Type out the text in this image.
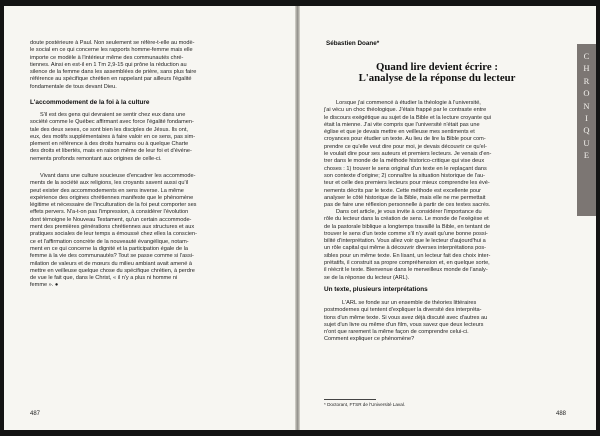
doute postérieure à Paul. Non seulement se réfère-t-elle au modè-
le social en ce qui concerne les rapports homme-femme mais elle
importe ce modèle à l'intérieur même des communautés chré-
tiennes. Ainsi en est-il en 1 Tm 2,9-15 qui prône la réduction au
silence de la femme dans les assemblées de prière, sans plus faire
référence au spécifique chrétien en rappelant par ailleurs l'égalité
fondamentale de tous devant Dieu.
L'accommodement de la foi à la culture
S'il est des gens qui devraient se sentir chez eux dans une
société comme le Québec affirmant avec force l'égalité fondamen-
tale des deux sexes, ce sont bien les disciples de Jésus. Ils ont,
eux, des motifs supplémentaires à faire valoir en ce sens, pas sim-
plement en référence à des droits humains ou à quelque Charte
des droits et libertés, mais en raison même de leur foi et d'événe-
nements profonds remontant aux origines de celle-ci.
Vivant dans une culture soucieuse d'encadrer les accommode-
ments de la société aux religions, les croyants savent aussi qu'il
peut exister des accommodements en sens inverse. La même
expérience des origines chrétiennes manifeste que le phénomène
légitime et nécessaire de l'inculturation de la foi peut comporter ses
effets pervers. N'a-t-on pas l'impression, à considérer l'évolution
dont témoigne le Nouveau Testament, qu'un certain accommode-
ment des premières générations chrétiennes aux structures et aux
pratiques sociales de leur temps a émoussé chez elles la conscien-
ce et l'affirmation concrète de la nouveauté évangélique, notam-
ment en ce qui concerne la dignité et la participation égale de la
femme à la vie des communautés? Tout se passe comme si l'assi-
milation de valeurs et de mœurs du milieu ambiant avait amené à
mettre en veilleuse quelque chose du spécifique chrétien, à perdre
de vue le fait que, dans le Christ, « il n'y a plus ni homme ni
femme ». ●
487
Sébastien Doane*
Quand lire devient écrire :
L'analyse de la réponse du lecteur
Lorsque j'ai commencé à étudier la théologie à l'université,
j'ai vécu un choc théologique. J'étais frappé par le contraste entre
le discours exégétique au sujet de la Bible et la lecture croyante qui
était la mienne. J'ai vite compris que l'université n'était pas une
église et que je devais mettre en veilleuse mes sentiments et
croyances pour étudier un texte. Au lieu de lire la Bible pour com-
prendre ce qu'elle veut dire pour moi, je devais découvrir ce qu'el-
le voulait dire pour ses auteurs et premiers lecteurs. Je venais d'en-
trer dans le monde de la méthode historico-critique qui vise deux
choses : 1) trouver le sens original d'un texte en le replaçant dans
son contexte d'origine; 2) connaître la situation historique de l'au-
teur et celle des premiers lecteurs pour mieux comprendre les évé-
nements décrits par le texte. Cette méthode est excellente pour
analyser le côté historique de la Bible, mais elle ne me permettait
pas de faire une réflexion personnelle à partir de ces textes sacrés.
Dans cet article, je vous invite à considérer l'importance du
rôle du lecteur dans la création de sens. Le monde de l'exégèse et
de la pastorale biblique a longtemps travaillé la Bible, en tentant de
trouver le sens d'un texte comme s'il n'y avait qu'une bonne possi-
bilité d'interprétation. Vous allez voir que le lecteur d'aujourd'hui a
un rôle capital qui même à découvrir diverses interprétations pos-
sibles pour un même texte. En lisant, un lecteur fait des choix inter-
prétatifs, il construit sa propre compréhension et, en quelque sorte,
il réécrit le texte. Bienvenue dans le merveilleux monde de l'analy-
se de la réponse du lecteur (ARL).
Un texte, plusieurs interprétations
L'ARL se fonde sur un ensemble de théories littéraires
postmodernes qui tentent d'expliquer la diversité des interpréta-
tions d'un même texte. Si vous avez déjà discuté avec d'autres au
sujet d'un livre ou même d'un film, vous savez que deux lecteurs
n'ont que rarement la même façon de comprendre celui-ci.
Comment expliquer ce phénomène?
* Doctorant, FTSR de l'Université Laval.
488
C
H
R
O
N
I
Q
U
E
